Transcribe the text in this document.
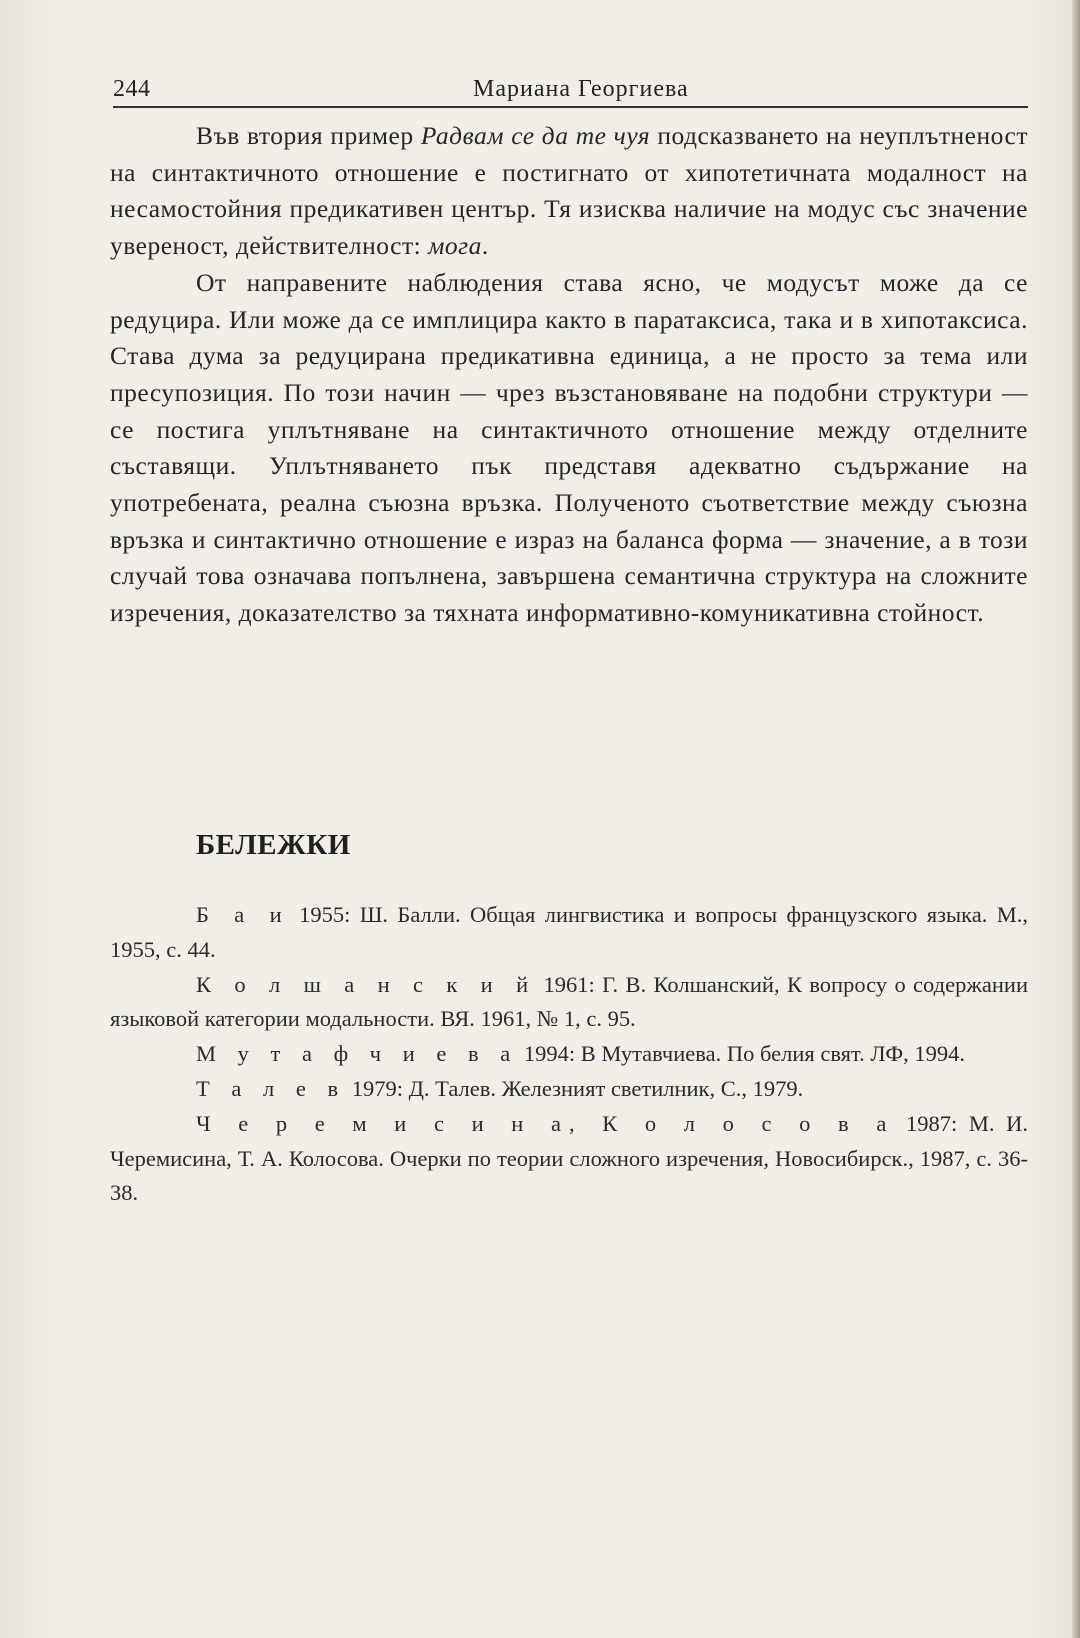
244	Мариана Георгиева

Във втория пример Радвам се да те чуя подсказването на неуплътненост на синтактичното отношение е постигнато от хипотетичната модалност на несамостойния предикативен център. Тя изисква наличие на модус със значение увереност, действителност: мога.

От направените наблюдения става ясно, че модусът може да се редуцира. Или може да се имплицира както в паратаксиса, така и в хипотаксиса. Става дума за редуцирана предикативна единица, а не просто за тема или пресупозиция. По този начин — чрез възстановяване на подобни структури — се постига уплътняване на синтактичното отношение между отделните съставящи. Уплътняването пък представя адекватно съдържание на употребената, реална съюзна връзка. Полученото съответствие между съюзна връзка и синтактично отношение е израз на баланса форма — значение, а в този случай това означава попълнена, завършена семантична структура на сложните изречения, доказателство за тяхната информативно-комуникативна стойност.

БЕЛЕЖКИ

Б а и 1955: Ш. Балли. Общая лингвистика и вопросы французского языка. М., 1955, с. 44.

К о л ш а н с к и й 1961: Г. В. Колшанский, К вопросу о содержании языковой категории модальности. ВЯ. 1961, № 1, с. 95.

М у т а ф ч и е в а 1994: В Мутавчиева. По белия свят. ЛФ, 1994.

Т а л е в 1979: Д. Талев. Железният светилник, С., 1979.

Ч е р е м и с и н а, К о л о с о в а 1987: М. И. Черемисина, Т. А. Колосова. Очерки по теории сложного изречения, Новосибирск., 1987, с. 36-38.
